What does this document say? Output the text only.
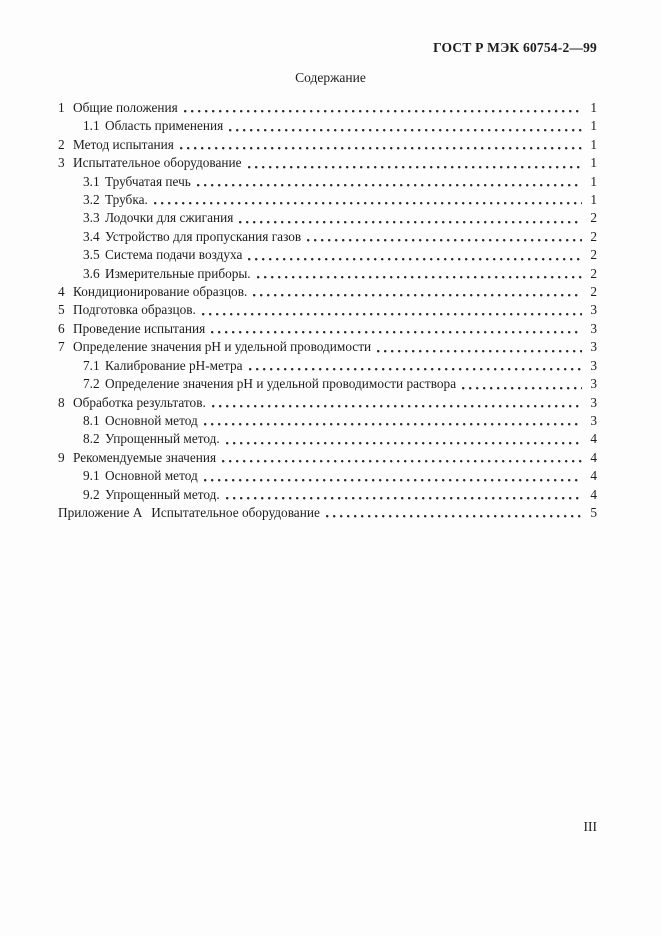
ГОСТ Р МЭК 60754-2—99
Содержание
1 Общие положения	1
1.1 Область применения	1
2 Метод испытания	1
3 Испытательное оборудование	1
3.1 Трубчатая печь	1
3.2 Трубка.	1
3.3 Лодочки для сжигания	2
3.4 Устройство для пропускания газов	2
3.5 Система подачи воздуха	2
3.6 Измерительные приборы.	2
4 Кондиционирование образцов.	2
5 Подготовка образцов.	3
6 Проведение испытания	3
7 Определение значения pH и удельной проводимости	3
7.1 Калибрование pH-метра	3
7.2 Определение значения pH и удельной проводимости раствора	3
8 Обработка результатов.	3
8.1 Основной метод	3
8.2 Упрощенный метод.	4
9 Рекомендуемые значения	4
9.1 Основной метод	4
9.2 Упрощенный метод.	4
Приложение А Испытательное оборудование	5
III
